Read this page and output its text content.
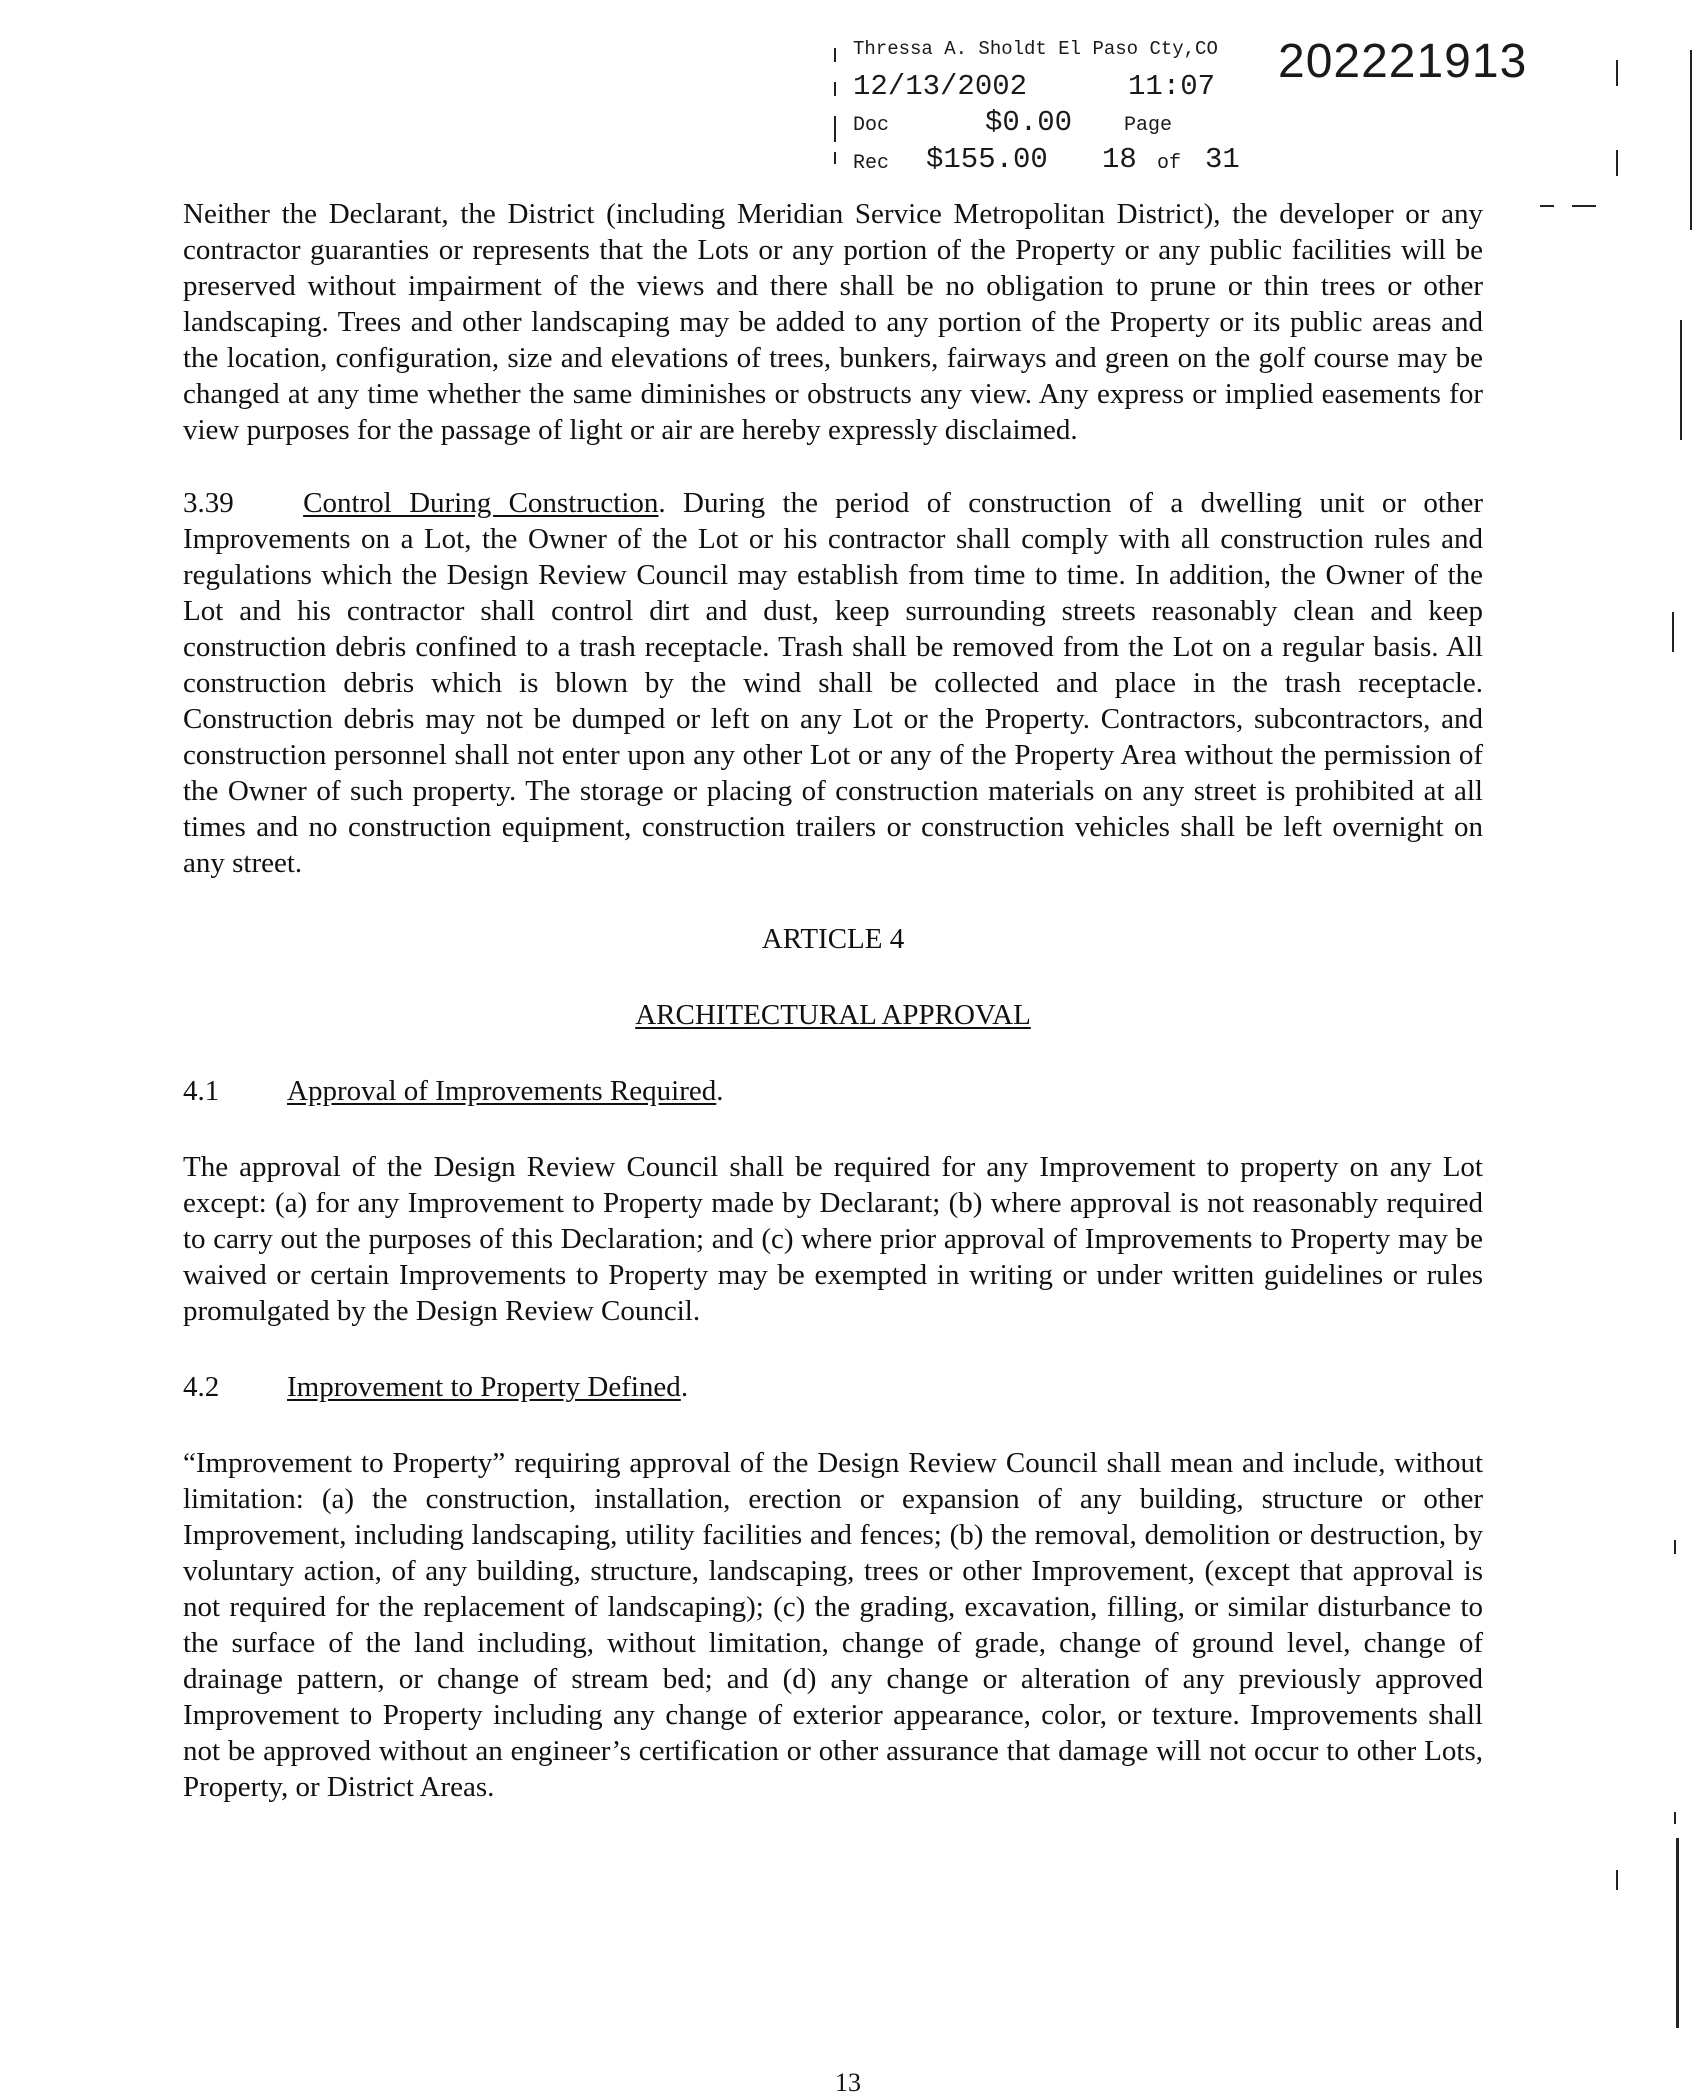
Thressa A. Sholdt El Paso Cty,CO 202221913
12/13/2002	11:07
Doc	$0.00	Page
Rec $155.00 18 of 31

Neither the Declarant, the District (including Meridian Service Metropolitan District), the developer or any contractor guaranties or represents that the Lots or any portion of the Property or any public facilities will be preserved without impairment of the views and there shall be no obligation to prune or thin trees or other landscaping. Trees and other landscaping may be added to any portion of the Property or its public areas and the location, configuration, size and elevations of trees, bunkers, fairways and green on the golf course may be changed at any time whether the same diminishes or obstructs any view. Any express or implied easements for view purposes for the passage of light or air are hereby expressly disclaimed.

3.39 Control During Construction. During the period of construction of a dwelling unit or other Improvements on a Lot, the Owner of the Lot or his contractor shall comply with all construction rules and regulations which the Design Review Council may establish from time to time. In addition, the Owner of the Lot and his contractor shall control dirt and dust, keep surrounding streets reasonably clean and keep construction debris confined to a trash receptacle. Trash shall be removed from the Lot on a regular basis. All construction debris which is blown by the wind shall be collected and place in the trash receptacle. Construction debris may not be dumped or left on any Lot or the Property. Contractors, subcontractors, and construction personnel shall not enter upon any other Lot or any of the Property Area without the permission of the Owner of such property. The storage or placing of construction materials on any street is prohibited at all times and no construction equipment, construction trailers or construction vehicles shall be left overnight on any street.

ARTICLE 4

ARCHITECTURAL APPROVAL

4.1	Approval of Improvements Required.

The approval of the Design Review Council shall be required for any Improvement to property on any Lot except: (a) for any Improvement to Property made by Declarant; (b) where approval is not reasonably required to carry out the purposes of this Declaration; and (c) where prior approval of Improvements to Property may be waived or certain Improvements to Property may be exempted in writing or under written guidelines or rules promulgated by the Design Review Council.

4.2	Improvement to Property Defined.

“Improvement to Property” requiring approval of the Design Review Council shall mean and include, without limitation: (a) the construction, installation, erection or expansion of any building, structure or other Improvement, including landscaping, utility facilities and fences; (b) the removal, demolition or destruction, by voluntary action, of any building, structure, landscaping, trees or other Improvement, (except that approval is not required for the replacement of landscaping); (c) the grading, excavation, filling, or similar disturbance to the surface of the land including, without limitation, change of grade, change of ground level, change of drainage pattern, or change of stream bed; and (d) any change or alteration of any previously approved Improvement to Property including any change of exterior appearance, color, or texture. Improvements shall not be approved without an engineer’s certification or other assurance that damage will not occur to other Lots, Property, or District Areas.

13
